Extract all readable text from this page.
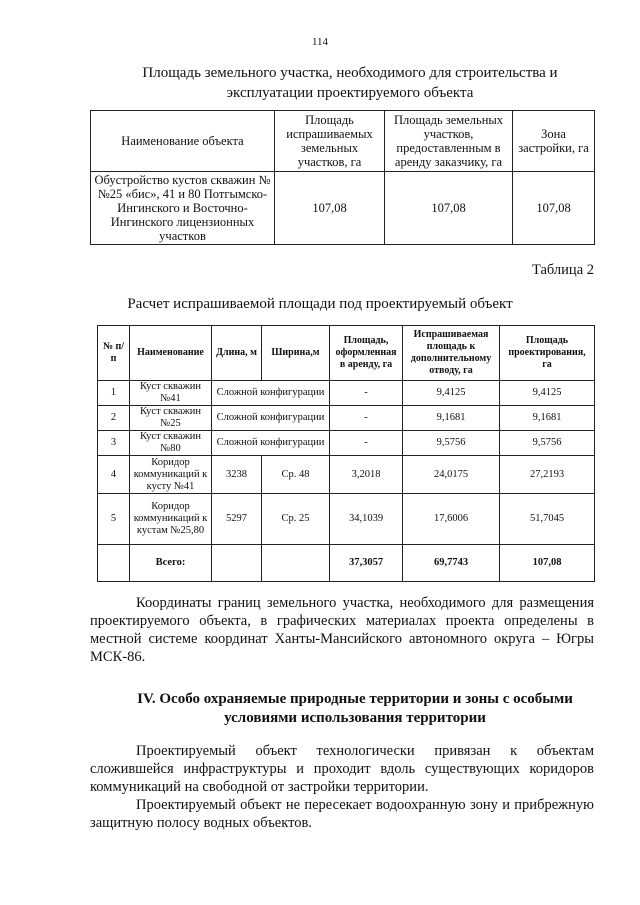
114
Площадь земельного участка, необходимого для строительства и эксплуатации проектируемого объекта
Наименование объекта	Площадь испрашиваемых земельных участков, га	Площадь земельных участков, предоставленным в аренду заказчику, га	Зона застройки, га
Обустройство кустов скважин №№25 «бис», 41 и 80 Потгымско-Ингинского и Восточно-Ингинского лицензионных участков	107,08	107,08	107,08
Таблица 2
Расчет испрашиваемой площади под проектируемый объект
№ п/п	Наименование	Длина, м	Ширина,м	Площадь, оформленная в аренду, га	Испрашиваемая площадь к дополнительному отводу, га	Площадь проектирования, га
1	Куст скважин №41	Сложной конфигурации		-	9,4125	9,4125
2	Куст скважин №25	Сложной конфигурации		-	9,1681	9,1681
3	Куст скважин №80	Сложной конфигурации		-	9,5756	9,5756
4	Коридор коммуникаций к кусту №41	3238	Ср. 48	3,2018	24,0175	27,2193
5	Коридор коммуникаций к кустам №25,80	5297	Ср. 25	34,1039	17,6006	51,7045
	Всего:			37,3057	69,7743	107,08
Координаты границ земельного участка, необходимого для размещения проектируемого объекта, в графических материалах проекта определены в местной системе координат Ханты-Мансийского автономного округа – Югры МСК-86.
IV. Особо охраняемые природные территории и зоны с особыми условиями использования территории
Проектируемый объект технологически привязан к объектам сложившейся инфраструктуры и проходит вдоль существующих коридоров коммуникаций на свободной от застройки территории.
Проектируемый объект не пересекает водоохранную зону и прибрежную защитную полосу водных объектов.
